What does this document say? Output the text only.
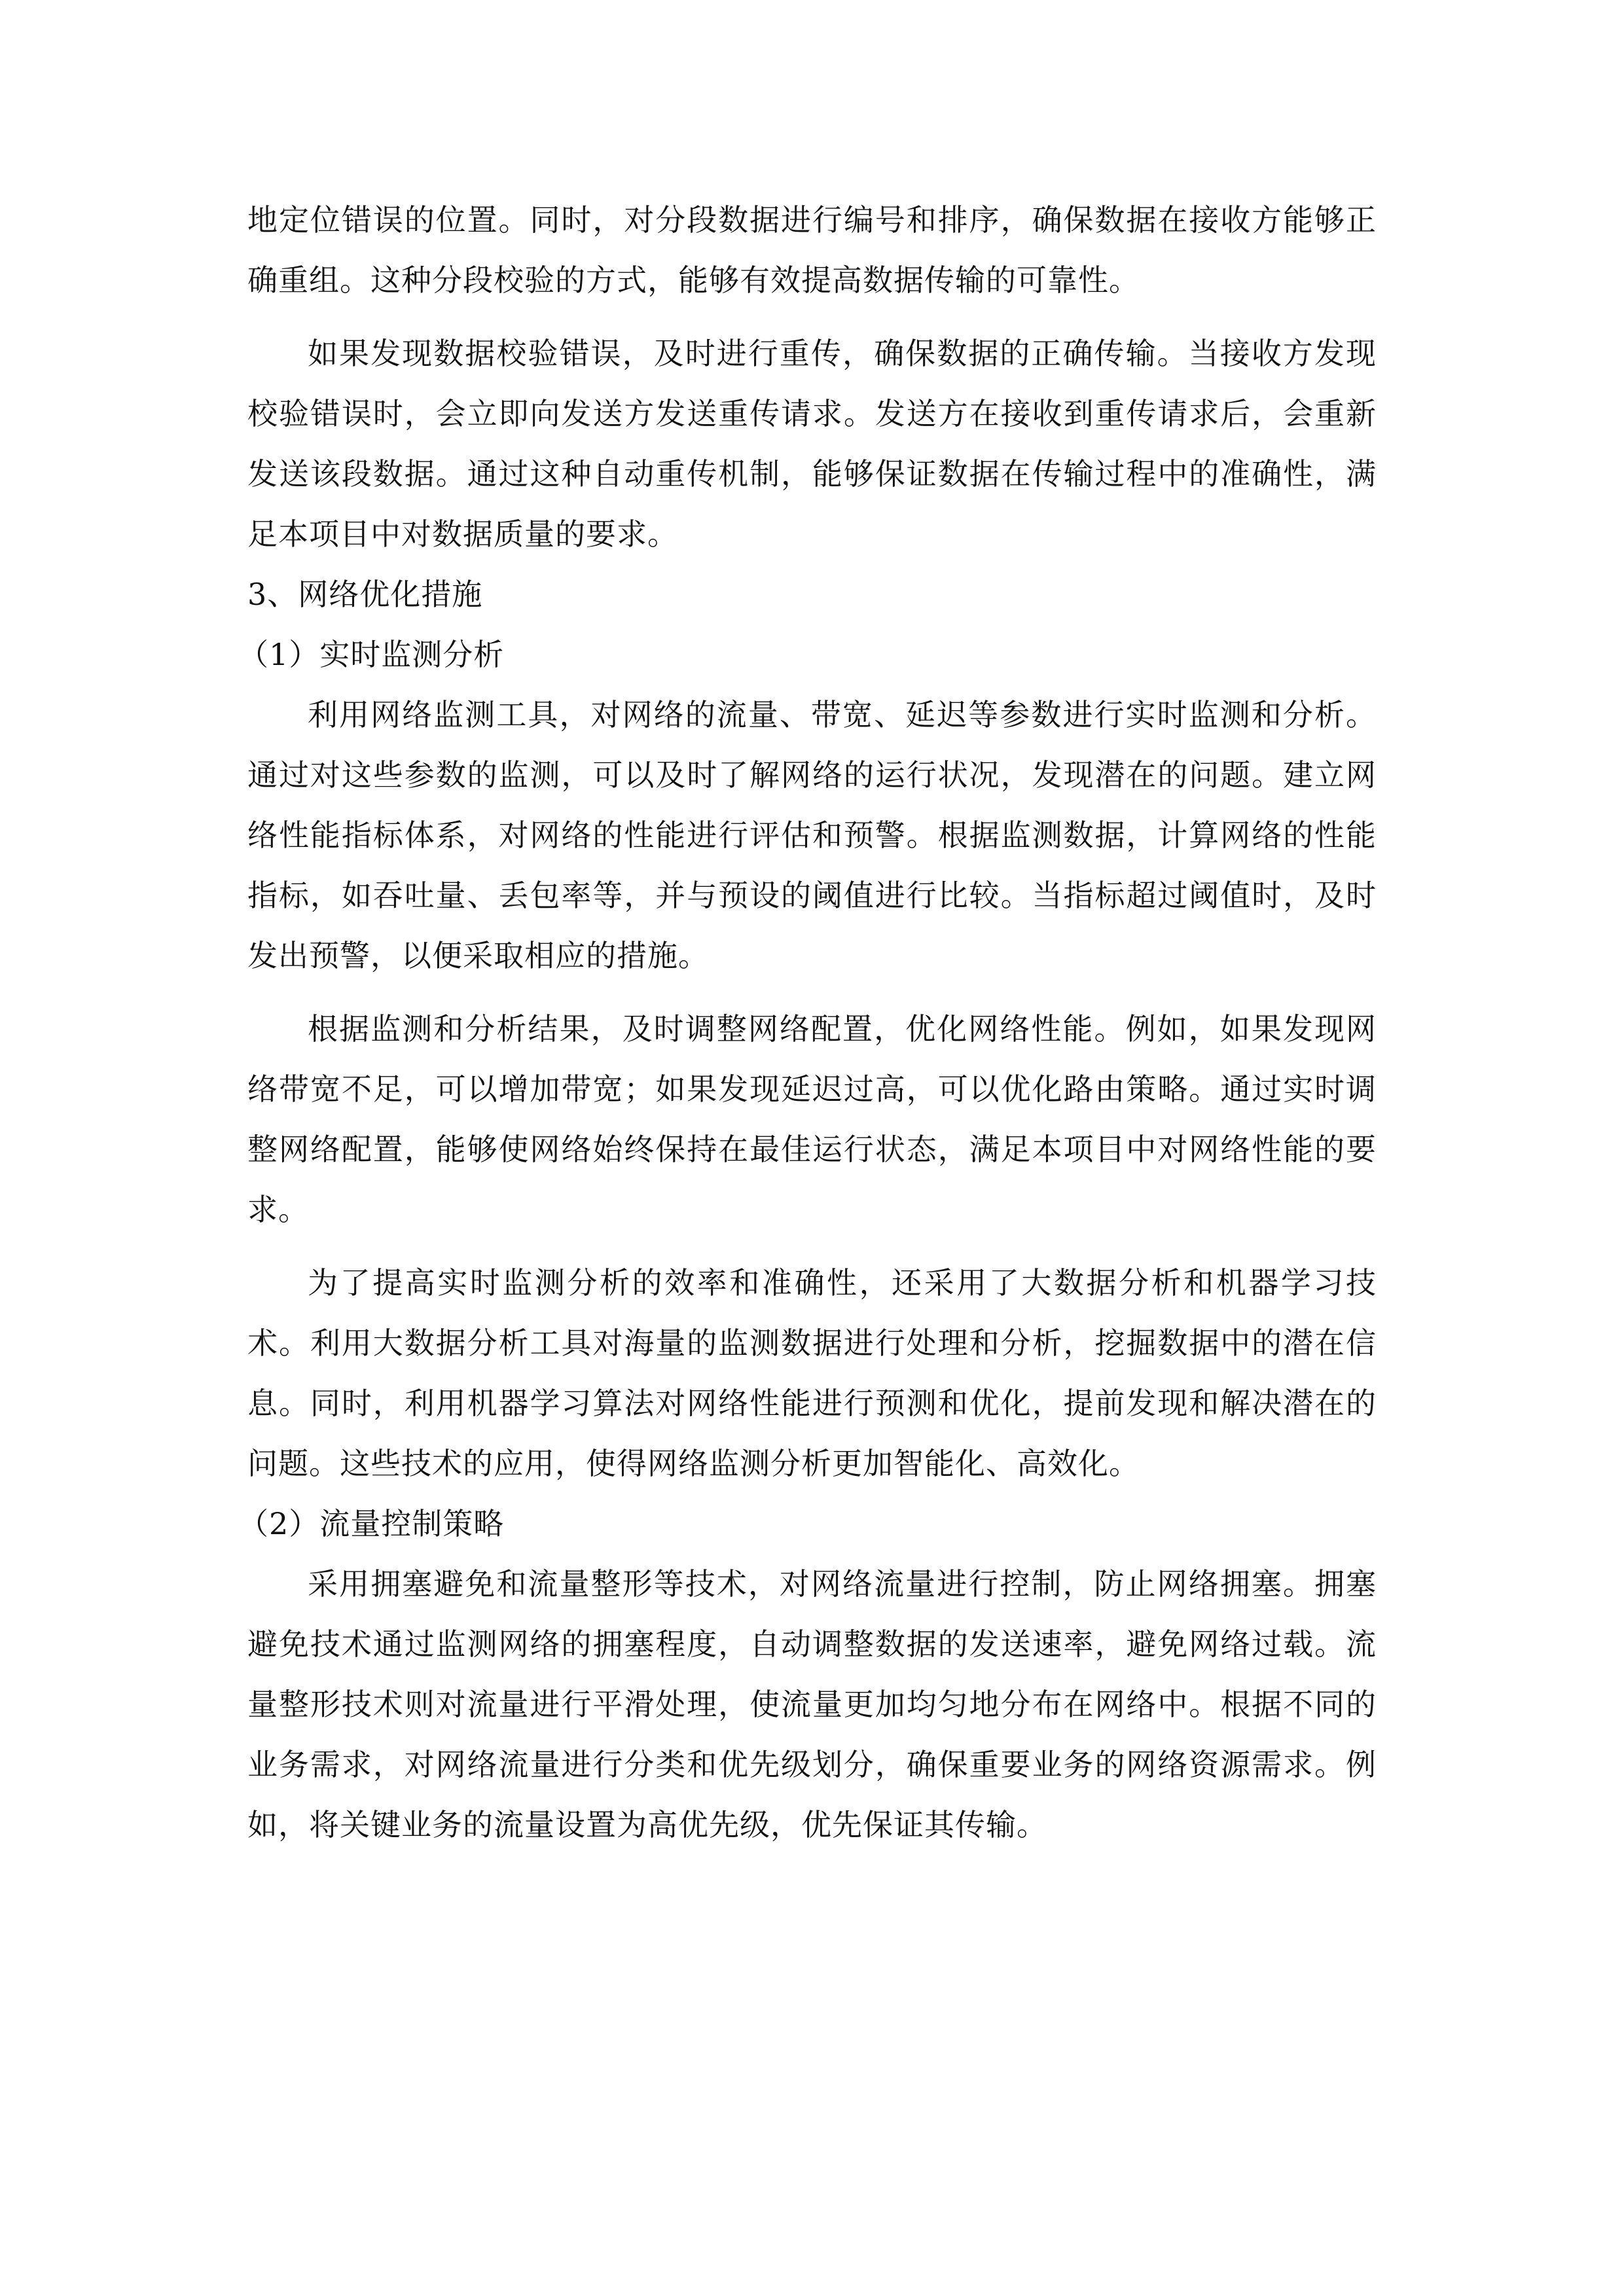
地定位错误的位置。同时，对分段数据进行编号和排序，确保数据在接收方能够正确重组。这种分段校验的方式，能够有效提高数据传输的可靠性。

如果发现数据校验错误，及时进行重传，确保数据的正确传输。当接收方发现校验错误时，会立即向发送方发送重传请求。发送方在接收到重传请求后，会重新发送该段数据。通过这种自动重传机制，能够保证数据在传输过程中的准确性，满足本项目中对数据质量的要求。

3、网络优化措施
（1）实时监测分析

利用网络监测工具，对网络的流量、带宽、延迟等参数进行实时监测和分析。通过对这些参数的监测，可以及时了解网络的运行状况，发现潜在的问题。建立网络性能指标体系，对网络的性能进行评估和预警。根据监测数据，计算网络的性能指标，如吞吐量、丢包率等，并与预设的阈值进行比较。当指标超过阈值时，及时发出预警，以便采取相应的措施。

根据监测和分析结果，及时调整网络配置，优化网络性能。例如，如果发现网络带宽不足，可以增加带宽；如果发现延迟过高，可以优化路由策略。通过实时调整网络配置，能够使网络始终保持在最佳运行状态，满足本项目中对网络性能的要求。

为了提高实时监测分析的效率和准确性，还采用了大数据分析和机器学习技术。利用大数据分析工具对海量的监测数据进行处理和分析，挖掘数据中的潜在信息。同时，利用机器学习算法对网络性能进行预测和优化，提前发现和解决潜在的问题。这些技术的应用，使得网络监测分析更加智能化、高效化。

（2）流量控制策略

采用拥塞避免和流量整形等技术，对网络流量进行控制，防止网络拥塞。拥塞避免技术通过监测网络的拥塞程度，自动调整数据的发送速率，避免网络过载。流量整形技术则对流量进行平滑处理，使流量更加均匀地分布在网络中。根据不同的业务需求，对网络流量进行分类和优先级划分，确保重要业务的网络资源需求。例如，将关键业务的流量设置为高优先级，优先保证其传输。
